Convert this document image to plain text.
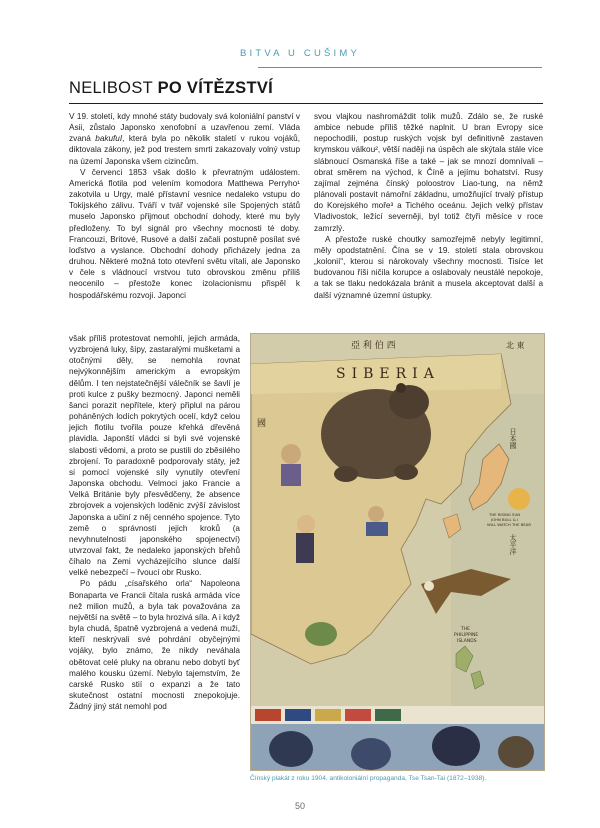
BITVA U CUŠIMY
NELIBOST PO VÍTĚZSTVÍ

V 19. století, kdy mnohé státy budovaly svá koloniální panství v Asii, zůstalo Japonsko xenofobní a uzavřenou zemí. Vláda zvaná bakufuI, která byla po několik staletí v rukou vojáků, diktovala zákony, jež pod trestem smrti zakazovaly volný vstup na území Japonska všem cizincům.

V červenci 1853 však došlo k převratným událostem. Americká flotila pod velením komodora Matthewa Perryho¹ zakotvila u Urgy, malé přístavní vesnice nedaleko vstupu do Tokijského zálivu. Tváří v tvář vojenské síle Spojených států muselo Japonsko přijmout obchodní dohody, které mu byly předloženy. To byl signál pro všechny mocnosti té doby. Francouzi, Britové, Rusové a další začali postupně posílat své loďstvo a vyslance. Obchodní dohody přicházely jedna za druhou. Některé možná toto otevření světu vítali, ale Japonsko v čele s vládnoucí vrstvou tuto obrovskou změnu příliš neocenilo – přestože konec izolacionismu přispěl k hospodářskému rozvoji. Japonci

však příliš protestovat nemohli, jejich armáda, vyzbrojená luky, šípy, zastaralými mušketami a otočnými děly, se nemohla rovnat nejvýkonnějším americkým a evropským dělům. I ten nejstatečnější válečník se šavlí je proti kulce z pušky bezmocný. Japonci neměli šanci porazit nepřítele, který připlul na párou poháněných lodích pokrytých ocelí, když celou jejich flotilu tvořila pouze křehká dřevěná plavidla. Japonští vládci si byli své vojenské slabosti vědomi, a proto se pustili do zběsilého zbrojení. To paradoxně podporovaly státy, jež si pomocí vojenské síly vynutily otevření Japonska obchodu. Velmoci jako Francie a Velká Británie byly přesvědčeny, že absence zbrojovek a vojenských loděnic zvýší závislost Japonska a učiní z něj cenného spojence. Tyto země o správnosti jejich kroků (a nevyhnutelnosti japonského spojenectví) utvrzoval fakt, že nedaleko japonských břehů číhalo na Zemi vycházejícího slunce další velké nebezpečí – řvoucí obr Rusko.

Po pádu „císařského orla“ Napoleona Bonaparta ve Francii čítala ruská armáda více než milion mužů, a byla tak považována za největší na světě – to byla hrozivá síla. A i když byla chudá, špatně vyzbrojená a vedená muži, kteří neskrývali své pohrdání obyčejnými vojáky, bylo známo, že nikdy neváhala obětovat celé pluky na obranu nebo dobytí byť malého kousku území. Nebylo tajemstvím, že carské Rusko stií o expanzi a že tato skutečnost ostatní mocnosti znepokojuje. Žádný jiný stát nemohl pod

svou vlajkou nashromáždit tolik mužů. Zdálo se, že ruské ambice nebude příliš těžké naplnit. U bran Evropy sice nepochodili, postup ruských vojsk byl definitivně zastaven krymskou válkou², větší naději na úspěch ale skýtala stále více slábnoucí Osmanská říše a také – jak se mnozí domnívali – obrat směrem na východ, k Číně a jejímu bohatství. Rusy zajímal zejména čínský poloostrov Liao-tung, na němž plánovali postavit námořní základnu, umožňující trvalý přístup do Korejského moře³ a Tichého oceánu. Jejich velký přístav Vladivostok, ležící severněji, byl totiž čtyři měsíce v roce zamrzlý.

A přestože ruské choutky samozřejmě nebyly legitimní, měly opodstatnění. Čína se v 19. století stala obrovskou „kolonií“, kterou si nárokovaly všechny mocnosti. Tisíce let budovanou říši ničila korupce a oslabovaly neustálé nepokoje, a tak se tlaku nedokázala bránit a musela akceptovat další a další významné územní ústupky.

亞 利 伯 西
SIBERIA
北 東
國
日本國
太平洋
THE RISING SUN
JOHN BULL & I
WILL WATCH THE BEAR
THE
PHILIPPINE
ISLANDS
Čínský plakát z roku 1904, antikoloniální propaganda, Tse Tsan-Tai (1872–1938).
50
